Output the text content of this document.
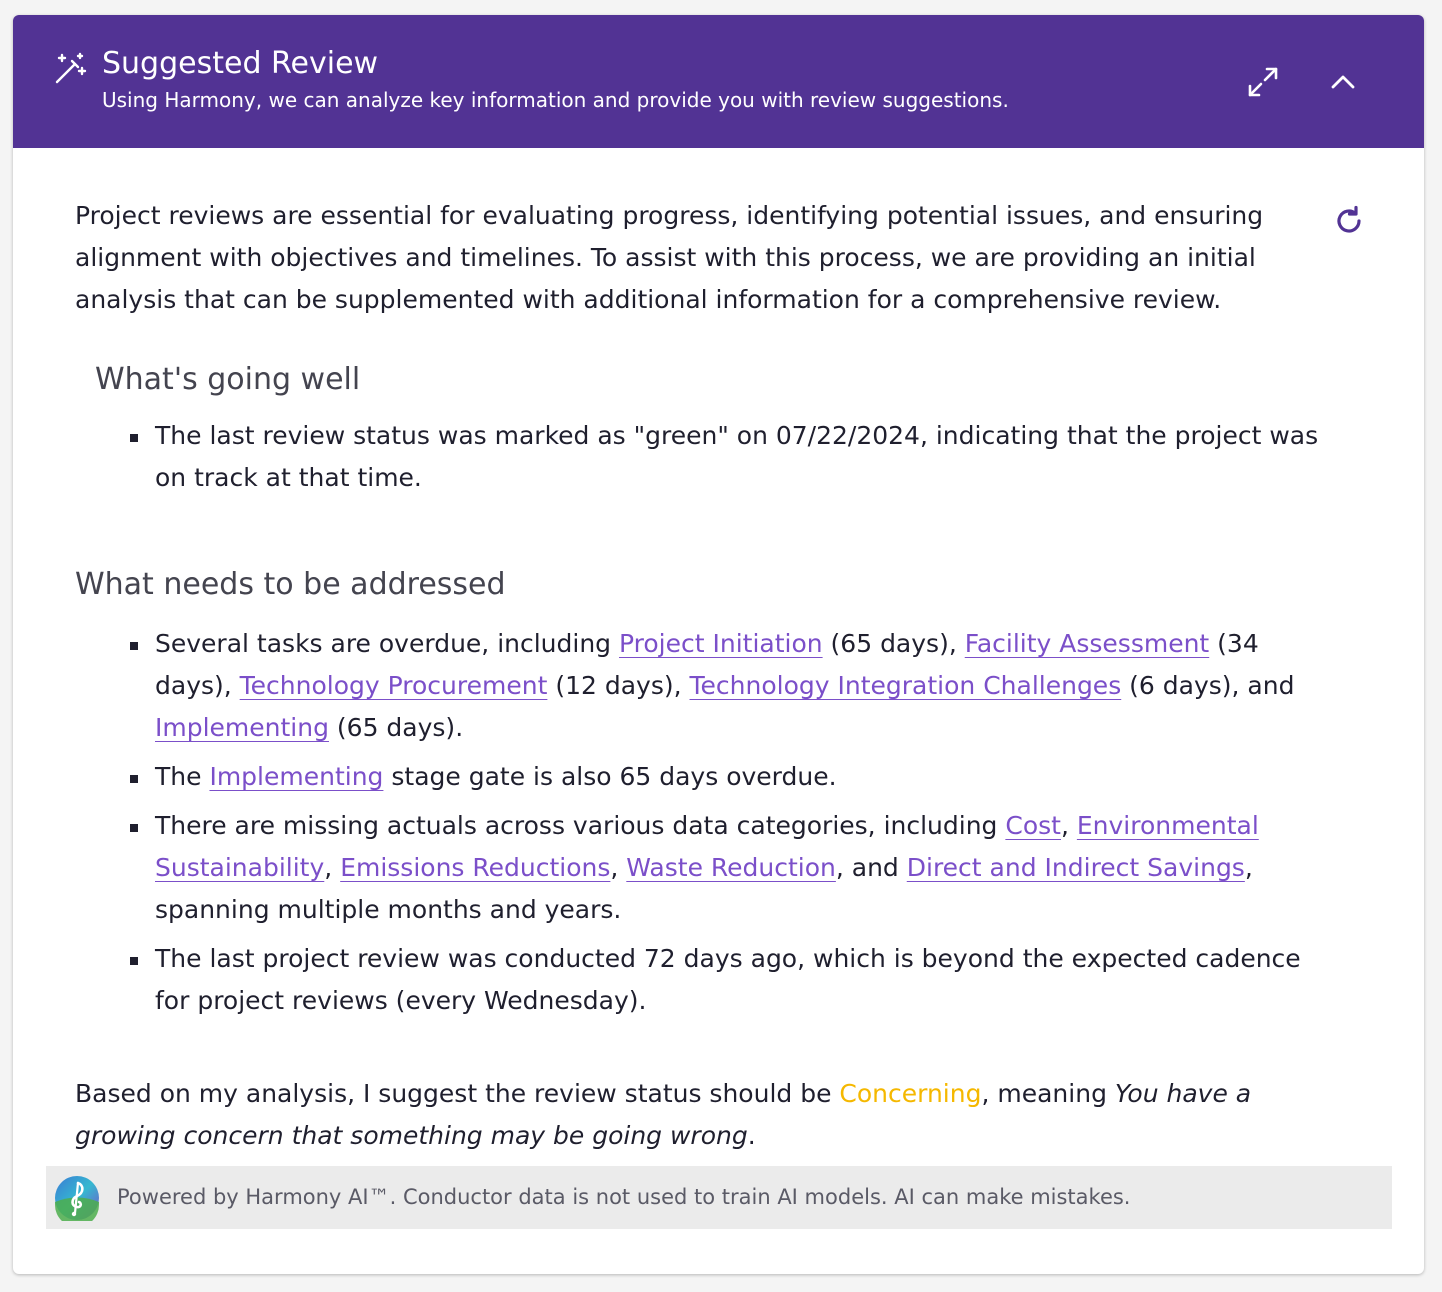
Suggested Review
Using Harmony, we can analyze key information and provide you with review suggestions.

Project reviews are essential for evaluating progress, identifying potential issues, and ensuring alignment with objectives and timelines. To assist with this process, we are providing an initial analysis that can be supplemented with additional information for a comprehensive review.

What's going well
The last review status was marked as "green" on 07/22/2024, indicating that the project was on track at that time.
What needs to be addressed
Several tasks are overdue, including Project Initiation (65 days), Facility Assessment (34 days), Technology Procurement (12 days), Technology Integration Challenges (6 days), and Implementing (65 days).
The Implementing stage gate is also 65 days overdue.
There are missing actuals across various data categories, including Cost, Environmental Sustainability, Emissions Reductions, Waste Reduction, and Direct and Indirect Savings, spanning multiple months and years.
The last project review was conducted 72 days ago, which is beyond the expected cadence for project reviews (every Wednesday).

Based on my analysis, I suggest the review status should be Concerning, meaning You have a growing concern that something may be going wrong.

Powered by Harmony AI™. Conductor data is not used to train AI models. AI can make mistakes.
